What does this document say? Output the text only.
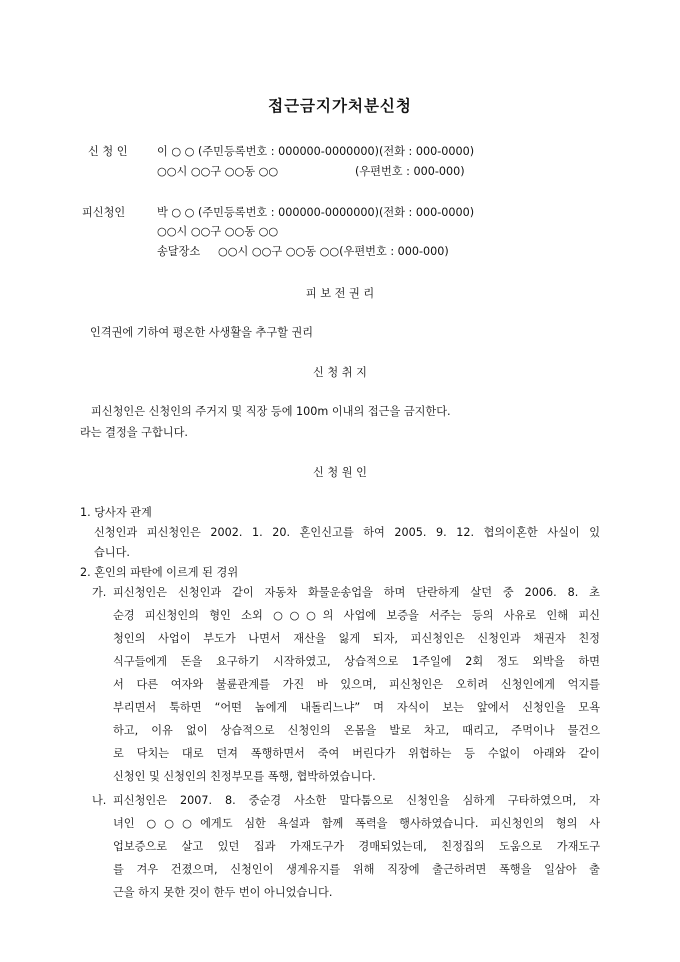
접근금지가처분신청
신 청 인	이 ○ ○ (주민등록번호 : 000000-0000000)(전화 : 000-0000)
○○시 ○○구 ○○동 ○○	(우편번호 : 000-000)
피신청인	박 ○ ○ (주민등록번호 : 000000-0000000)(전화 : 000-0000)
○○시 ○○구 ○○동 ○○
송달장소 ○○시 ○○구 ○○동 ○○(우편번호 : 000-000)
피 보 전 권 리
인격권에 기하여 평온한 사생활을 추구할 권리
신 청 취 지
피신청인은 신청인의 주거지 및 직장 등에 100m 이내의 접근을 금지한다.
라는 결정을 구합니다.
신 청 원 인
1. 당사자 관계
신청인과 피신청인은 2002. 1. 20. 혼인신고를 하여 2005. 9. 12. 협의이혼한 사실이 있
습니다.
2. 혼인의 파탄에 이르게 된 경위
가. 피신청인은 신청인과 같이 자동차 화물운송업을 하며 단란하게 살던 중 2006. 8. 초
순경 피신청인의 형인 소외 ○○○의 사업에 보증을 서주는 등의 사유로 인해 피신
청인의 사업이 부도가 나면서 재산을 잃게 되자, 피신청인은 신청인과 채권자 친정
식구들에게 돈을 요구하기 시작하였고, 상습적으로 1주일에 2회 정도 외박을 하면
서 다른 여자와 불륜관계를 가진 바 있으며, 피신청인은 오히려 신청인에게 억지를
부리면서 툭하면 “어떤 놈에게 내돌리느냐” 며 자식이 보는 앞에서 신청인을 모욕
하고, 이유 없이 상습적으로 신청인의 온몸을 발로 차고, 때리고, 주먹이나 물건으
로 닥치는 대로 던져 폭행하면서 죽여 버린다가 위협하는 등 수없이 아래와 같이
신청인 및 신청인의 친정부모를 폭행, 협박하였습니다.
나. 피신청인은 2007. 8. 중순경 사소한 말다툼으로 신청인을 심하게 구타하였으며, 자
녀인 ○○○에게도 심한 욕설과 함께 폭력을 행사하였습니다. 피신청인의 형의 사
업보증으로 살고 있던 집과 가재도구가 경매되었는데, 친정집의 도움으로 가재도구
를 겨우 건졌으며, 신청인이 생계유지를 위해 직장에 출근하려면 폭행을 일삼아 출
근을 하지 못한 것이 한두 번이 아니었습니다.
